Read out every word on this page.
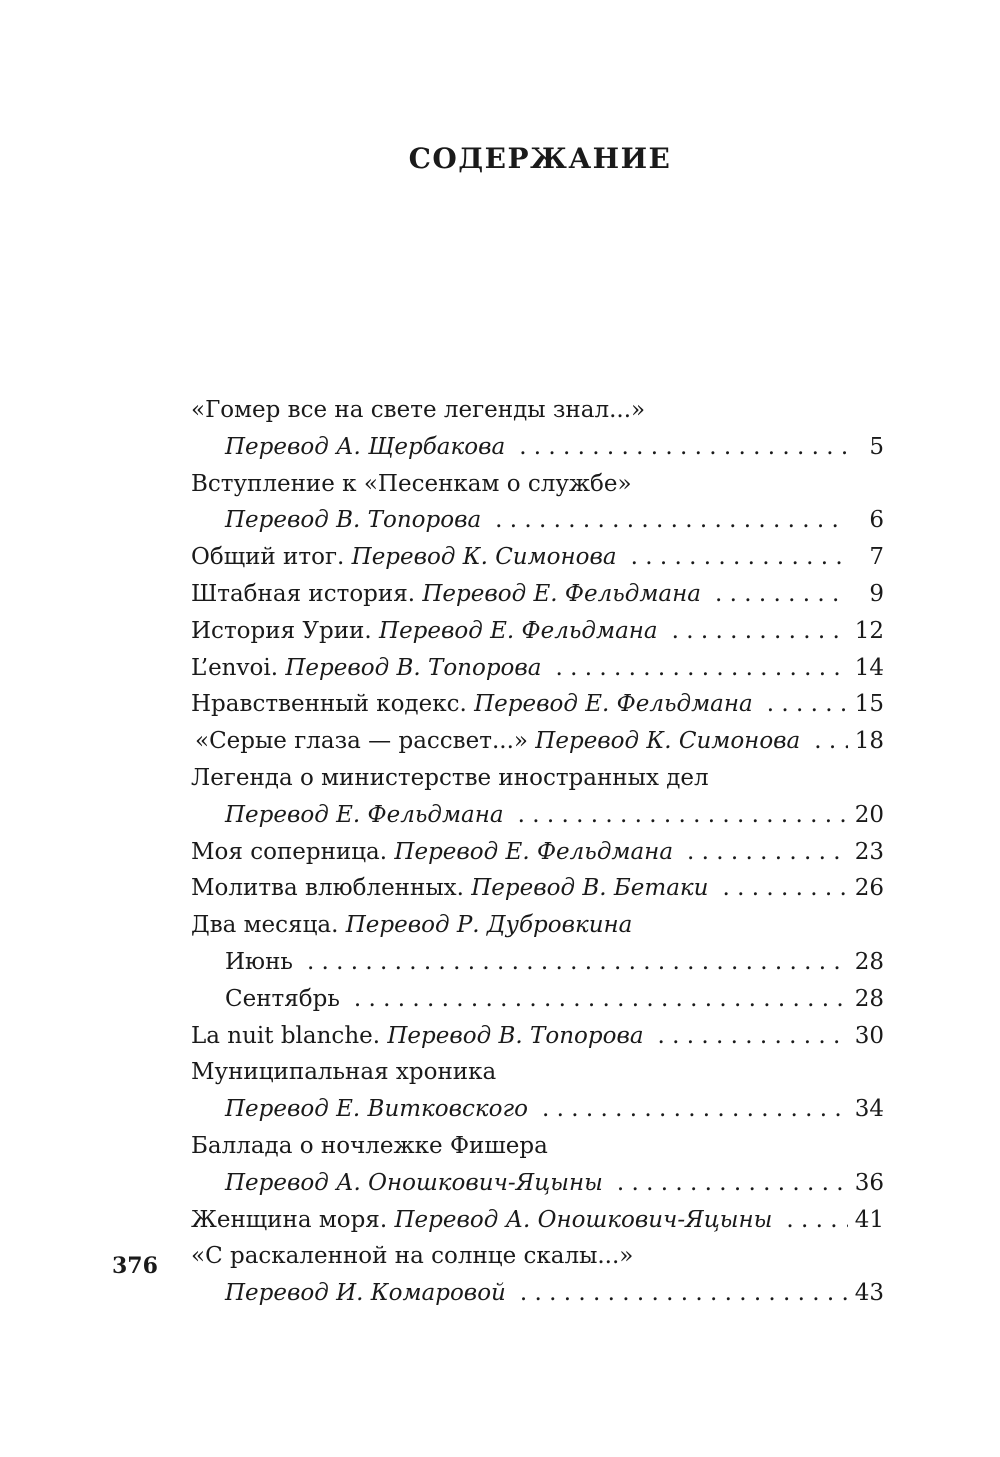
СОДЕРЖАНИЕ
«Гомер все на свете легенды знал...»
Перевод А. Щербакова . . .	5
Вступление к «Песенкам о службе»
Перевод В. Топорова . . .	6
Общий итог.
Перевод К. Симонова . . .	7
Штабная история.
Перевод Е. Фельдмана . . .	9
История Урии.
Перевод Е. Фельдмана . . .	12
L’envoi.
Перевод В. Топорова . . .	14
Нравственный кодекс.
Перевод Е. Фельдмана . . .	15
«Серые глаза — рассвет...»
Перевод К. Симонова . . . 18
Легенда о министерстве иностранных дел
Перевод Е. Фельдмана . . .	20
Моя соперница.
Перевод Е. Фельдмана . . .	23
Молитва влюбленных.
Перевод В. Бетаки . . .	26
Два месяца.
Перевод Р. Дубровкина
Июнь . . .	28
Сентябрь . . .	28
La nuit blanche.
Перевод В. Топорова . . .	30
Муниципальная хроника
Перевод Е. Витковского . . .	34
Баллада о ночлежке Фишера
Перевод А. Оношкович-Яцыны . . .	36
Женщина моря.
Перевод А. Оношкович-Яцыны . . .	41
«С раскаленной на солнце скалы...»
Перевод И. Комаровой . . .	43
376
